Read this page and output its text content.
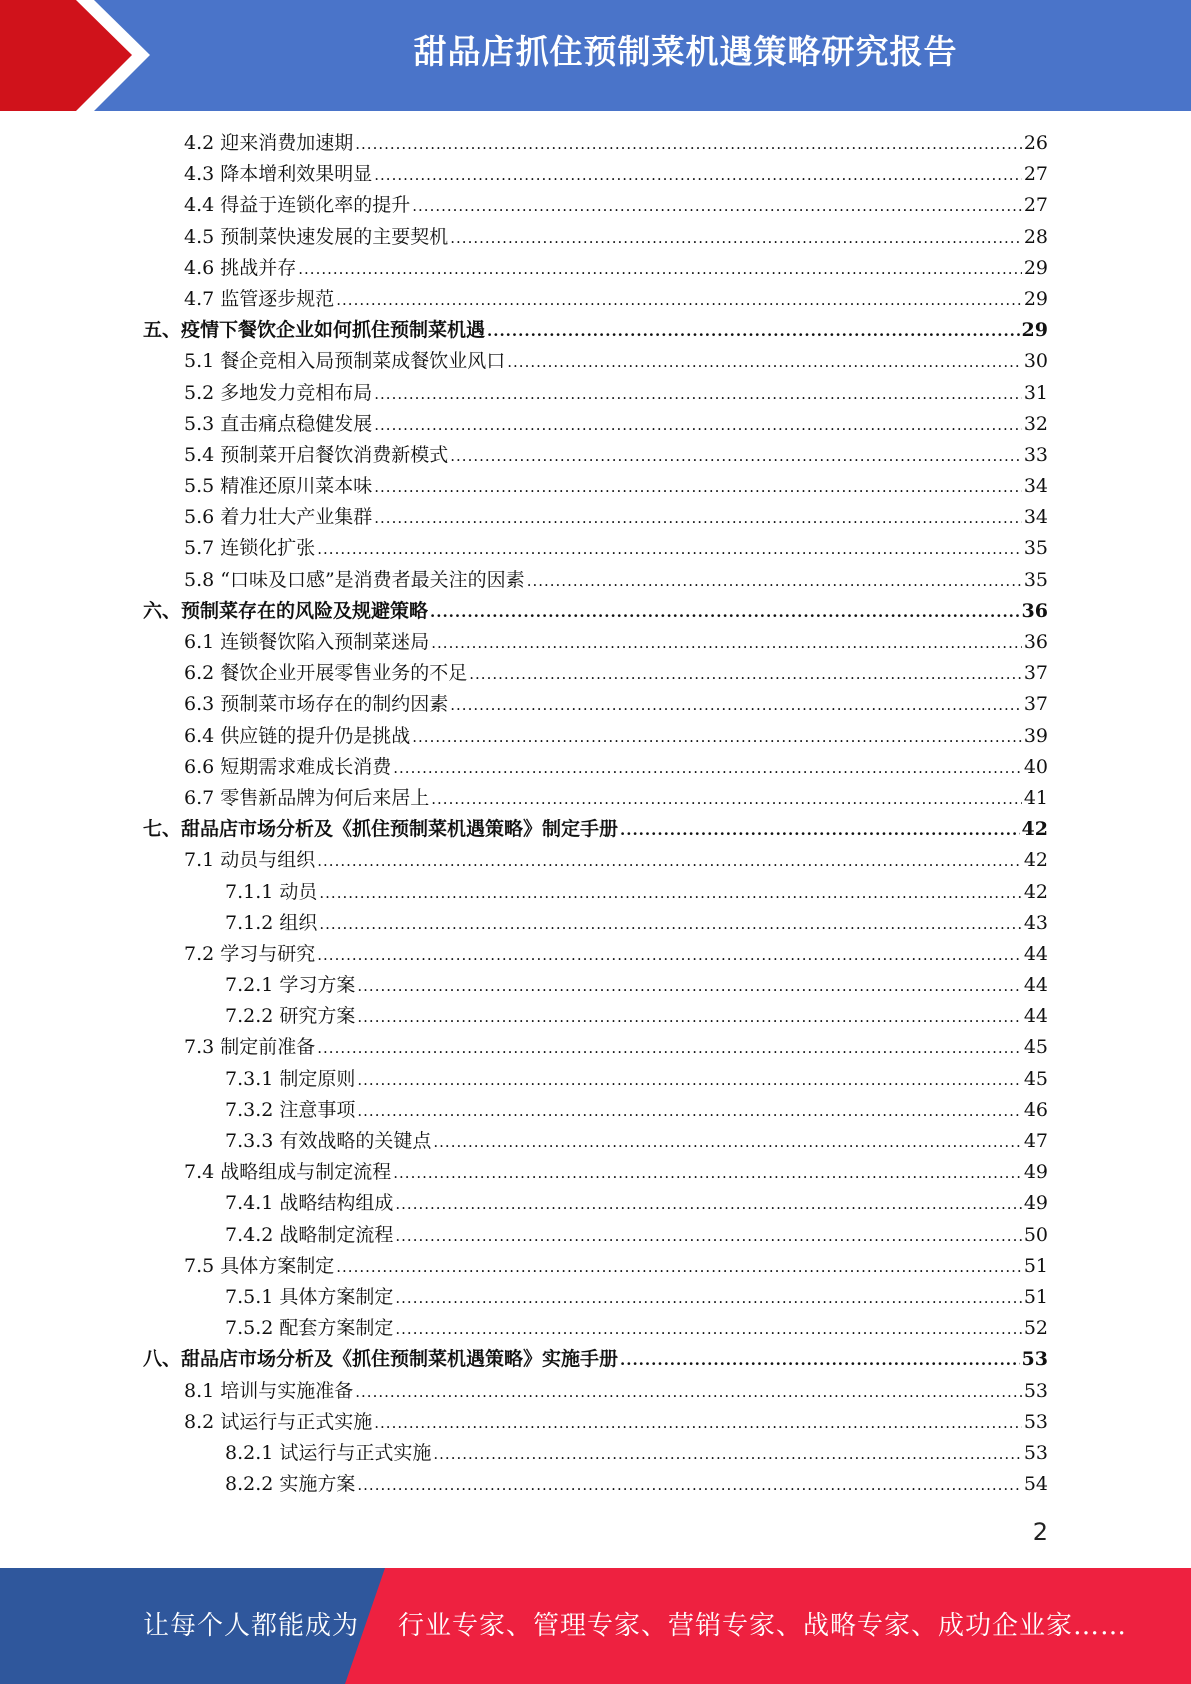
甜品店抓住预制菜机遇策略研究报告
4.2 迎来消费加速期 .....	26
4.3 降本增利效果明显 .....	27
4.4 得益于连锁化率的提升 .....	27
4.5 预制菜快速发展的主要契机 .....	28
4.6 挑战并存 .....	29
4.7 监管逐步规范 .....	29
五、疫情下餐饮企业如何抓住预制菜机遇 .....	29
5.1 餐企竞相入局预制菜成餐饮业风口 .....	30
5.2 多地发力竞相布局 .....	31
5.3 直击痛点稳健发展 .....	32
5.4 预制菜开启餐饮消费新模式 .....	33
5.5 精准还原川菜本味 .....	34
5.6 着力壮大产业集群 .....	34
5.7 连锁化扩张 .....	35
5.8 “口味及口感”是消费者最关注的因素 .....	35
六、预制菜存在的风险及规避策略 .....	36
6.1 连锁餐饮陷入预制菜迷局 .....	36
6.2 餐饮企业开展零售业务的不足 .....	37
6.3 预制菜市场存在的制约因素 .....	37
6.4 供应链的提升仍是挑战 .....	39
6.6 短期需求难成长消费 .....	40
6.7 零售新品牌为何后来居上 .....	41
七、甜品店市场分析及《抓住预制菜机遇策略》制定手册 .....	42
7.1 动员与组织 .....	42
7.1.1 动员 .....	42
7.1.2 组织 .....	43
7.2 学习与研究 .....	44
7.2.1 学习方案 .....	44
7.2.2 研究方案 .....	44
7.3 制定前准备 .....	45
7.3.1 制定原则 .....	45
7.3.2 注意事项 .....	46
7.3.3 有效战略的关键点 .....	47
7.4 战略组成与制定流程 .....	49
7.4.1 战略结构组成 .....	49
7.4.2 战略制定流程 .....	50
7.5 具体方案制定 .....	51
7.5.1 具体方案制定 .....	51
7.5.2 配套方案制定 .....	52
八、甜品店市场分析及《抓住预制菜机遇策略》实施手册 .....	53
8.1 培训与实施准备 .....	53
8.2 试运行与正式实施 .....	53
8.2.1 试运行与正式实施 .....	53
8.2.2 实施方案 .....	54
2
让每个人都能成为 行业专家、管理专家、营销专家、战略专家、成功企业家……
